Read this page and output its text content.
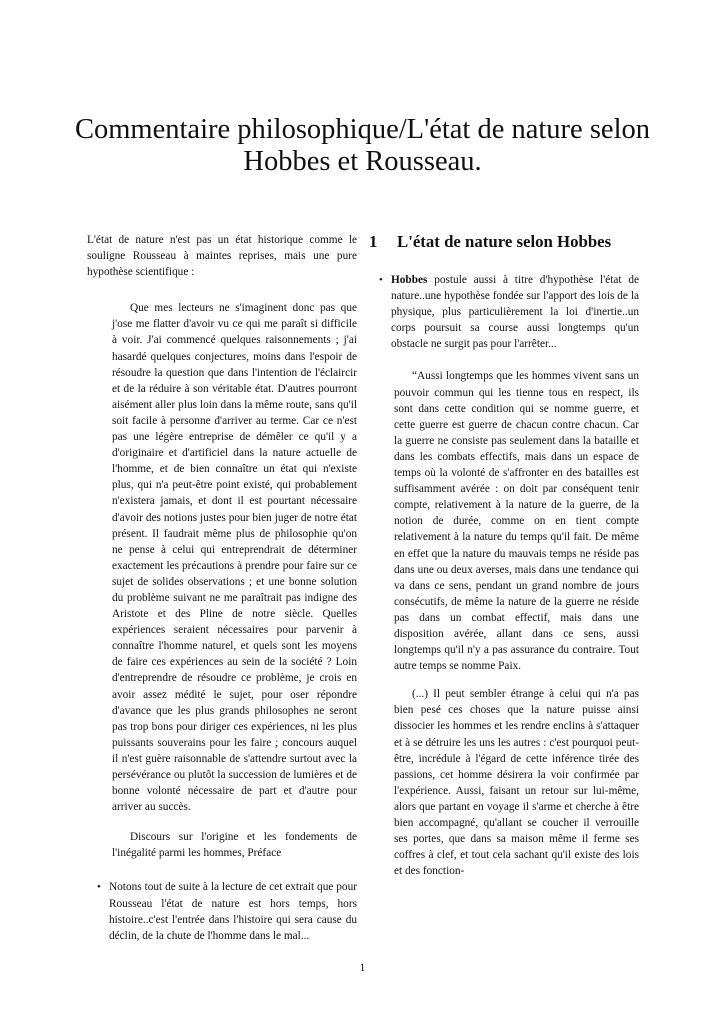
Commentaire philosophique/L'état de nature selon Hobbes et Rousseau.

L'état de nature n'est pas un état historique comme le souligne Rousseau à maintes reprises, mais une pure hypothèse scientifique :

Que mes lecteurs ne s'imaginent donc pas que j'ose me flatter d'avoir vu ce qui me paraît si difficile à voir. J'ai commencé quelques raisonnements ; j'ai hasardé quelques conjectures, moins dans l'espoir de résoudre la question que dans l'intention de l'éclaircir et de la réduire à son véritable état. D'autres pourront aisément aller plus loin dans la même route, sans qu'il soit facile à personne d'arriver au terme. Car ce n'est pas une légère entreprise de démêler ce qu'il y a d'originaire et d'artificiel dans la nature actuelle de l'homme, et de bien connaître un état qui n'existe plus, qui n'a peut-être point existé, qui probablement n'existera jamais, et dont il est pourtant nécessaire d'avoir des notions justes pour bien juger de notre état présent. Il faudrait même plus de philosophie qu'on ne pense à celui qui entreprendrait de déterminer exactement les précautions à prendre pour faire sur ce sujet de solides observations ; et une bonne solution du problème suivant ne me paraîtrait pas indigne des Aristote et des Pline de notre siècle. Quelles expériences seraient nécessaires pour parvenir à connaître l'homme naturel, et quels sont les moyens de faire ces expériences au sein de la société ? Loin d'entreprendre de résoudre ce problème, je crois en avoir assez médité le sujet, pour oser répondre d'avance que les plus grands philosophes ne seront pas trop bons pour diriger ces expériences, ni les plus puissants souverains pour les faire ; concours auquel il n'est guère raisonnable de s'attendre surtout avec la persévérance ou plutôt la succession de lumières et de bonne volonté nécessaire de part et d'autre pour arriver au succès.

Discours sur l'origine et les fondements de l'inégalité parmi les hommes, Préface

• Notons tout de suite à la lecture de cet extrait que pour Rousseau l'état de nature est hors temps, hors histoire..c'est l'entrée dans l'histoire qui sera cause du déclin, de la chute de l'homme dans le mal...

1 L'état de nature selon Hobbes
• Hobbes postule aussi à titre d'hypothèse l'état de nature..une hypothèse fondée sur l'apport des lois de la physique, plus particulièrement la loi d'inertie..un corps poursuit sa course aussi longtemps qu'un obstacle ne surgit pas pour l'arrêter...

“Aussi longtemps que les hommes vivent sans un pouvoir commun qui les tienne tous en respect, ils sont dans cette condition qui se nomme guerre, et cette guerre est guerre de chacun contre chacun. Car la guerre ne consiste pas seulement dans la bataille et dans les combats effectifs, mais dans un espace de temps où la volonté de s'affronter en des batailles est suffisamment avérée : on doit par conséquent tenir compte, relativement à la nature de la guerre, de la notion de durée, comme on en tient compte relativement à la nature du temps qu'il fait. De même en effet que la nature du mauvais temps ne réside pas dans une ou deux averses, mais dans une tendance qui va dans ce sens, pendant un grand nombre de jours consécutifs, de même la nature de la guerre ne réside pas dans un combat effectif, mais dans une disposition avérée, allant dans ce sens, aussi longtemps qu'il n'y a pas assurance du contraire. Tout autre temps se nomme Paix.

(...) Il peut sembler étrange à celui qui n'a pas bien pesé ces choses que la nature puisse ainsi dissocier les hommes et les rendre enclins à s'attaquer et à se détruire les uns les autres : c'est pourquoi peut-être, incrédule à l'égard de cette inférence tirée des passions, cet homme désirera la voir confirmée par l'expérience. Aussi, faisant un retour sur lui-même, alors que partant en voyage il s'arme et cherche à être bien accompagné, qu'allant se coucher il verrouille ses portes, que dans sa maison même il ferme ses coffres à clef, et tout cela sachant qu'il existe des lois et des fonction-

1
